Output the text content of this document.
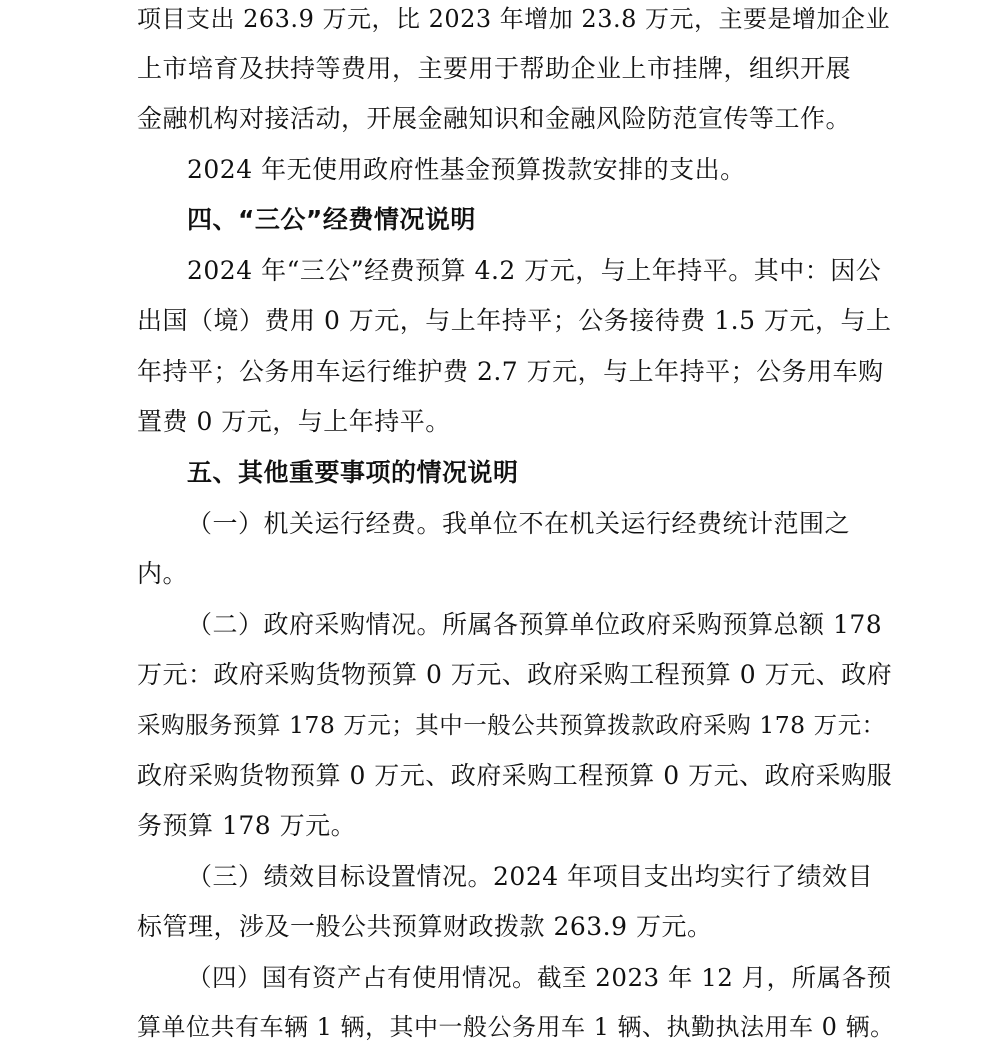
项目支出 263.9 万元，比 2023 年增加 23.8 万元，主要是增加企业
上市培育及扶持等费用，主要用于帮助企业上市挂牌，组织开展
金融机构对接活动，开展金融知识和金融风险防范宣传等工作。
2024 年无使用政府性基金预算拨款安排的支出。
四、“三公”经费情况说明
2024 年“三公”经费预算 4.2 万元，与上年持平。其中：因公
出国（境）费用 0 万元，与上年持平；公务接待费 1.5 万元，与上
年持平；公务用车运行维护费 2.7 万元，与上年持平；公务用车购
置费 0 万元，与上年持平。
五、其他重要事项的情况说明
（一）机关运行经费。我单位不在机关运行经费统计范围之
内。
（二）政府采购情况。所属各预算单位政府采购预算总额 178
万元：政府采购货物预算 0 万元、政府采购工程预算 0 万元、政府
采购服务预算 178 万元；其中一般公共预算拨款政府采购 178 万元：
政府采购货物预算 0 万元、政府采购工程预算 0 万元、政府采购服
务预算 178 万元。
（三）绩效目标设置情况。2024 年项目支出均实行了绩效目
标管理，涉及一般公共预算财政拨款 263.9 万元。
（四）国有资产占有使用情况。截至 2023 年 12 月，所属各预
算单位共有车辆 1 辆，其中一般公务用车 1 辆、执勤执法用车 0 辆。
